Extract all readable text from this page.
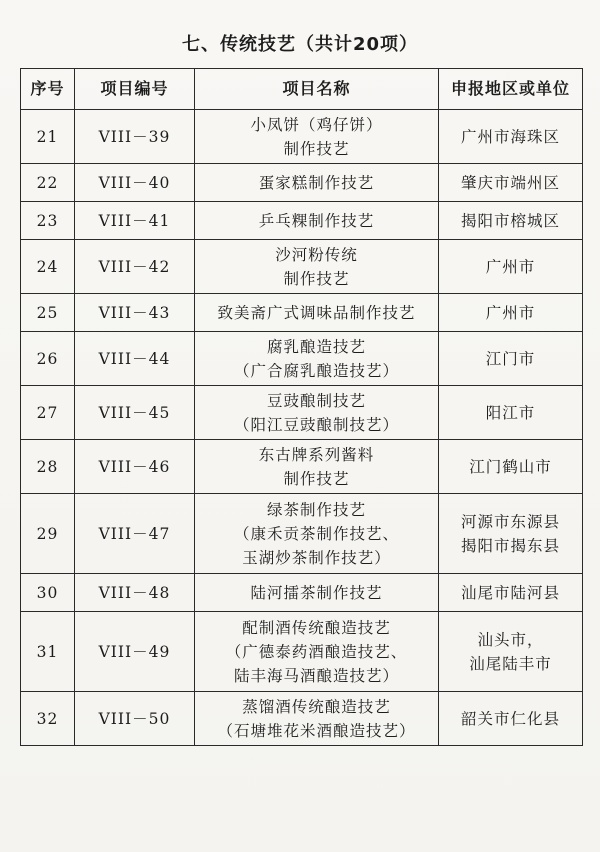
七、传统技艺（共计20项）
序号	项目编号	项目名称	申报地区或单位
21	VIII－39	小凤饼（鸡仔饼）
制作技艺	广州市海珠区

22	VIII－40	蛋家糕制作技艺	肇庆市端州区

23	VIII－41	乒乓粿制作技艺	揭阳市榕城区

24	VIII－42	沙河粉传统
制作技艺	广州市

25	VIII－43	致美斋广式调味品制作技艺	广州市

26	VIII－44	腐乳酿造技艺
（广合腐乳酿造技艺）	江门市

27	VIII－45	豆豉酿制技艺
（阳江豆豉酿制技艺）	阳江市

28	VIII－46	东古牌系列酱料
制作技艺	江门鹤山市

29	VIII－47	绿茶制作技艺
（康禾贡茶制作技艺、
玉湖炒茶制作技艺）	河源市东源县
揭阳市揭东县

30	VIII－48	陆河擂茶制作技艺	汕尾市陆河县

31	VIII－49	配制酒传统酿造技艺
（广德泰药酒酿造技艺、
陆丰海马酒酿造技艺）	汕头市，
汕尾陆丰市

32	VIII－50	蒸馏酒传统酿造技艺
（石塘堆花米酒酿造技艺）	韶关市仁化县
